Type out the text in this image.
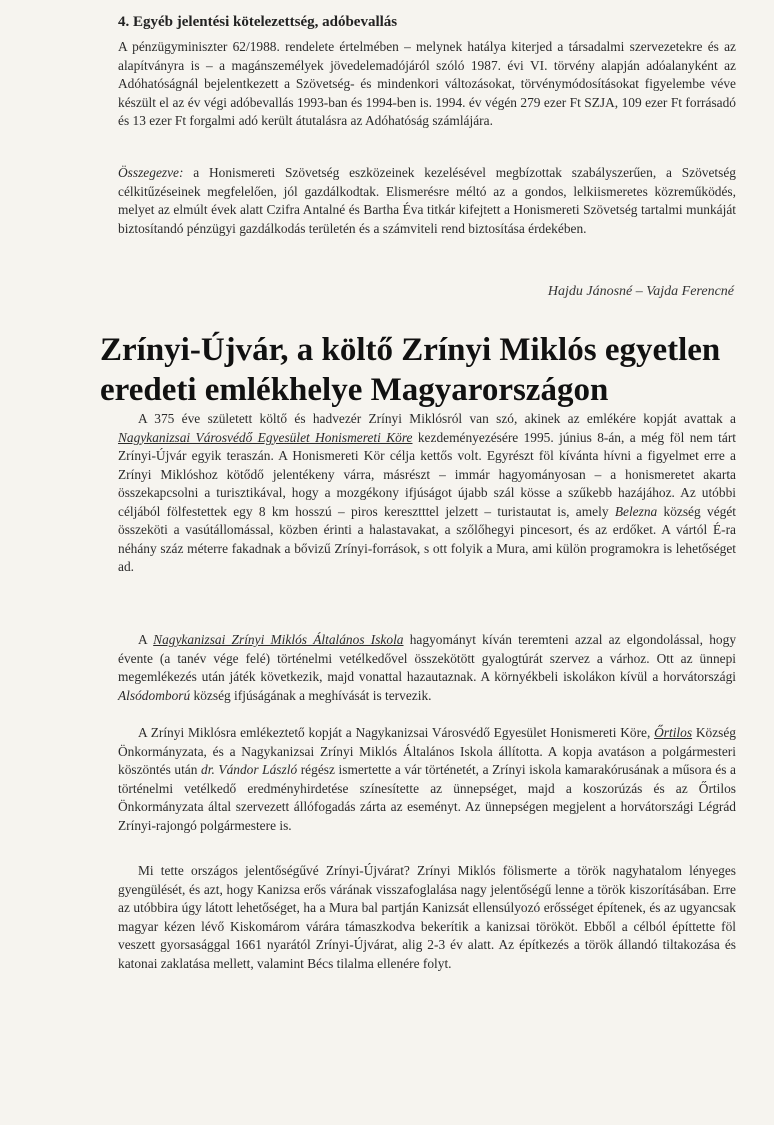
4. Egyéb jelentési kötelezettség, adóbevallás

A pénzügyminiszter 62/1988. rendelete értelmében – melynek hatálya kiterjed a társadalmi szervezetekre és az alapítványra is – a magánszemélyek jövedelemadójáról szóló 1987. évi VI. törvény alapján adóalanyként az Adóhatóságnál bejelentkezett a Szövetség- és mindenkori változásokat, törvénymódosításokat figyelembe véve készült el az év végi adóbevallás 1993-ban és 1994-ben is. 1994. év végén 279 ezer Ft SZJA, 109 ezer Ft forrásadó és 13 ezer Ft forgalmi adó került átutalásra az Adóhatóság számlájára.

Összegezve: a Honismereti Szövetség eszközeinek kezelésével megbízottak szabályszerűen, a Szövetség célkitűzéseinek megfelelően, jól gazdálkodtak. Elismerésre méltó az a gondos, lelkiismeretes közreműködés, melyet az elmúlt évek alatt Czifra Antalné és Bartha Éva titkár kifejtett a Honismereti Szövetség tartalmi munkáját biztosítandó pénzügyi gazdálkodás területén és a számviteli rend biztosítása érdekében.

Hajdu Jánosné – Vajda Ferencné

Zrínyi-Újvár, a költő Zrínyi Miklós egyetlen eredeti emlékhelye Magyarországon

A 375 éve született költő és hadvezér Zrínyi Miklósról van szó, akinek az emlékére kopját avattak a Nagykanizsai Városvédő Egyesület Honismereti Köre kezdeményezésére 1995. június 8-án, a még föl nem tárt Zrínyi-Újvár egyik teraszán. A Honismereti Kör célja kettős volt. Egyrészt föl kívánta hívni a figyelmet erre a Zrínyi Miklóshoz kötődő jelentékeny várra, másrészt – immár hagyományosan – a honismeretet akarta összekapcsolni a turisztikával, hogy a mozgékony ifjúságot újabb szál kösse a szűkebb hazájához. Az utóbbi céljából fölfestettek egy 8 km hosszú – piros keresztttel jelzett – turistautat is, amely Belezna község végét összeköti a vasútállomással, közben érinti a halastavakat, a szőlőhegyi pincesort, és az erdőket. A vártól É-ra néhány száz méterre fakadnak a bővizű Zrínyi-források, s ott folyik a Mura, ami külön programokra is lehetőséget ad.

A Nagykanizsai Zrínyi Miklós Általános Iskola hagyományt kíván teremteni azzal az elgondolással, hogy évente (a tanév vége felé) történelmi vetélkedővel összekötött gyalogtúrát szervez a várhoz. Ott az ünnepi megemlékezés után játék következik, majd vonattal hazautaznak. A környékbeli iskolákon kívül a horvátországi Alsódomború község ifjúságának a meghívását is tervezik.

A Zrínyi Miklósra emlékeztető kopját a Nagykanizsai Városvédő Egyesület Honismereti Köre, Őrtilos Község Önkormányzata, és a Nagykanizsai Zrínyi Miklós Általános Iskola állította. A kopja avatáson a polgármesteri köszöntés után dr. Vándor László régész ismertette a vár történetét, a Zrínyi iskola kamarakórusának a műsora és a történelmi vetélkedő eredményhirdetése színesítette az ünnepséget, majd a koszorúzás és az Őrtilos Önkormányzata által szervezett állófogadás zárta az eseményt. Az ünnepségen megjelent a horvátországi Légrád Zrínyi-rajongó polgármestere is.

Mi tette országos jelentőségűvé Zrínyi-Újvárat? Zrínyi Miklós fölismerte a török nagyhatalom lényeges gyengülését, és azt, hogy Kanizsa erős várának visszafoglalása nagy jelentőségű lenne a török kiszorításában. Erre az utóbbira úgy látott lehetőséget, ha a Mura bal partján Kanizsát ellensúlyozó erősséget építenek, és az ugyancsak magyar kézen lévő Kiskomárom várára támaszkodva bekerítik a kanizsai törököt. Ebből a célból építtette föl veszett gyorsasággal 1661 nyarától Zrínyi-Újvárat, alig 2-3 év alatt. Az építkezés a török állandó tiltakozása és katonai zaklatása mellett, valamint Bécs tilalma ellenére folyt.
